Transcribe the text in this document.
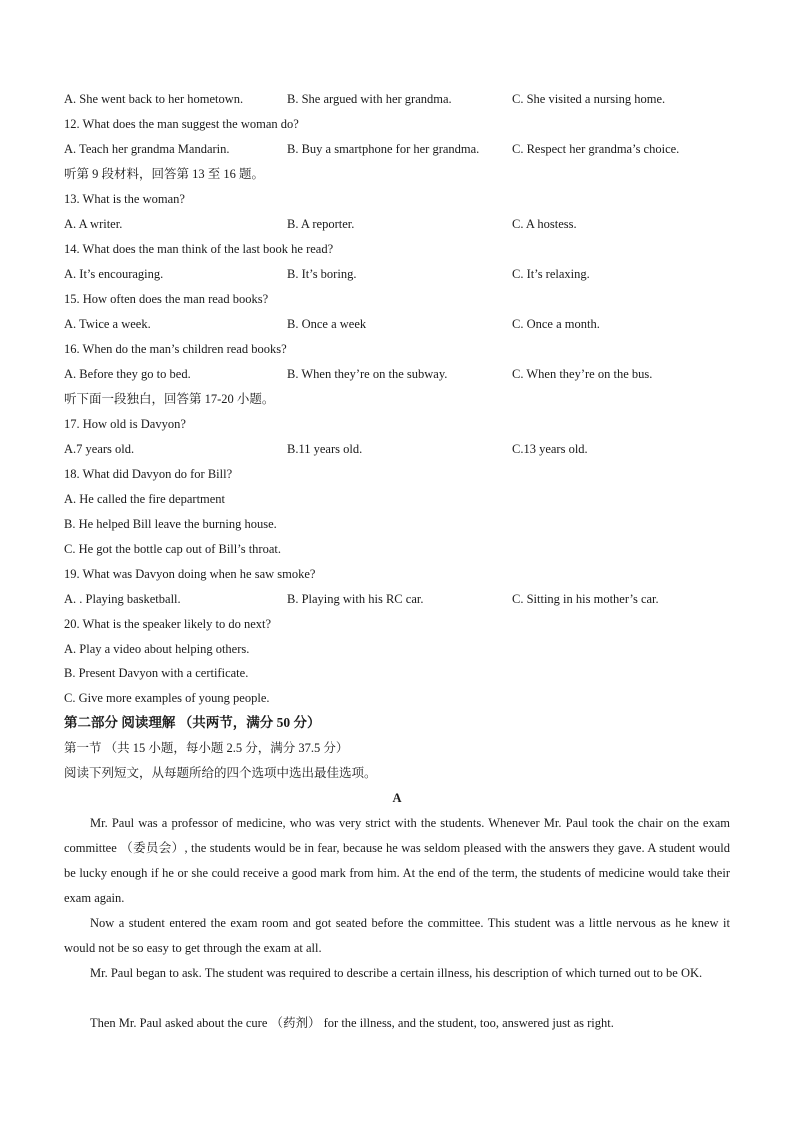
A. She went back to her hometown.	B. She argued with her grandma.	C. She visited a nursing home.
12. What does the man suggest the woman do?
A. Teach her grandma Mandarin.	B. Buy a smartphone for her grandma.	C. Respect her grandma’s choice.
听第 9 段材料，回答第 13 至 16 题。
13. What is the woman?
A. A writer.	B. A reporter.	C. A hostess.
14. What does the man think of the last book he read?
A. It’s encouraging.	B. It’s boring.	C. It’s relaxing.
15. How often does the man read books?
A. Twice a week.	B. Once a week	C. Once a month.
16. When do the man’s children read books?
A. Before they go to bed.	B. When they’re on the subway.	C. When they’re on the bus.
听下面一段独白，回答第 17-20 小题。
17. How old is Davyon?
A.7 years old.	B.11 years old.	C.13 years old.
18. What did Davyon do for Bill?
A. He called the fire department
B. He helped Bill leave the burning house.
C. He got the bottle cap out of Bill’s throat.
19. What was Davyon doing when he saw smoke?
A. . Playing basketball.	B. Playing with his RC car.	C. Sitting in his mother’s car.
20. What is the speaker likely to do next?
A. Play a video about helping others.
B. Present Davyon with a certificate.
C. Give more examples of young people.
第二部分 阅读理解 （共两节，满分 50 分）
第一节 （共 15 小题，每小题 2.5 分，满分 37.5 分）
阅读下列短文，从每题所给的四个选项中选出最佳选项。
A
Mr. Paul was a professor of medicine, who was very strict with the students. Whenever Mr. Paul took the chair on the exam committee （委员会）, the students would be in fear, because he was seldom pleased with the answers they gave. A student would be lucky enough if he or she could receive a good mark from him. At the end of the term, the students of medicine would take their exam again.
Now a student entered the exam room and got seated before the committee. This student was a little nervous as he knew it would not be so easy to get through the exam at all.
Mr. Paul began to ask. The student was required to describe a certain illness, his description of which turned out to be OK.
Then Mr. Paul asked about the cure （药剂） for the illness, and the student, too, answered just as right.
